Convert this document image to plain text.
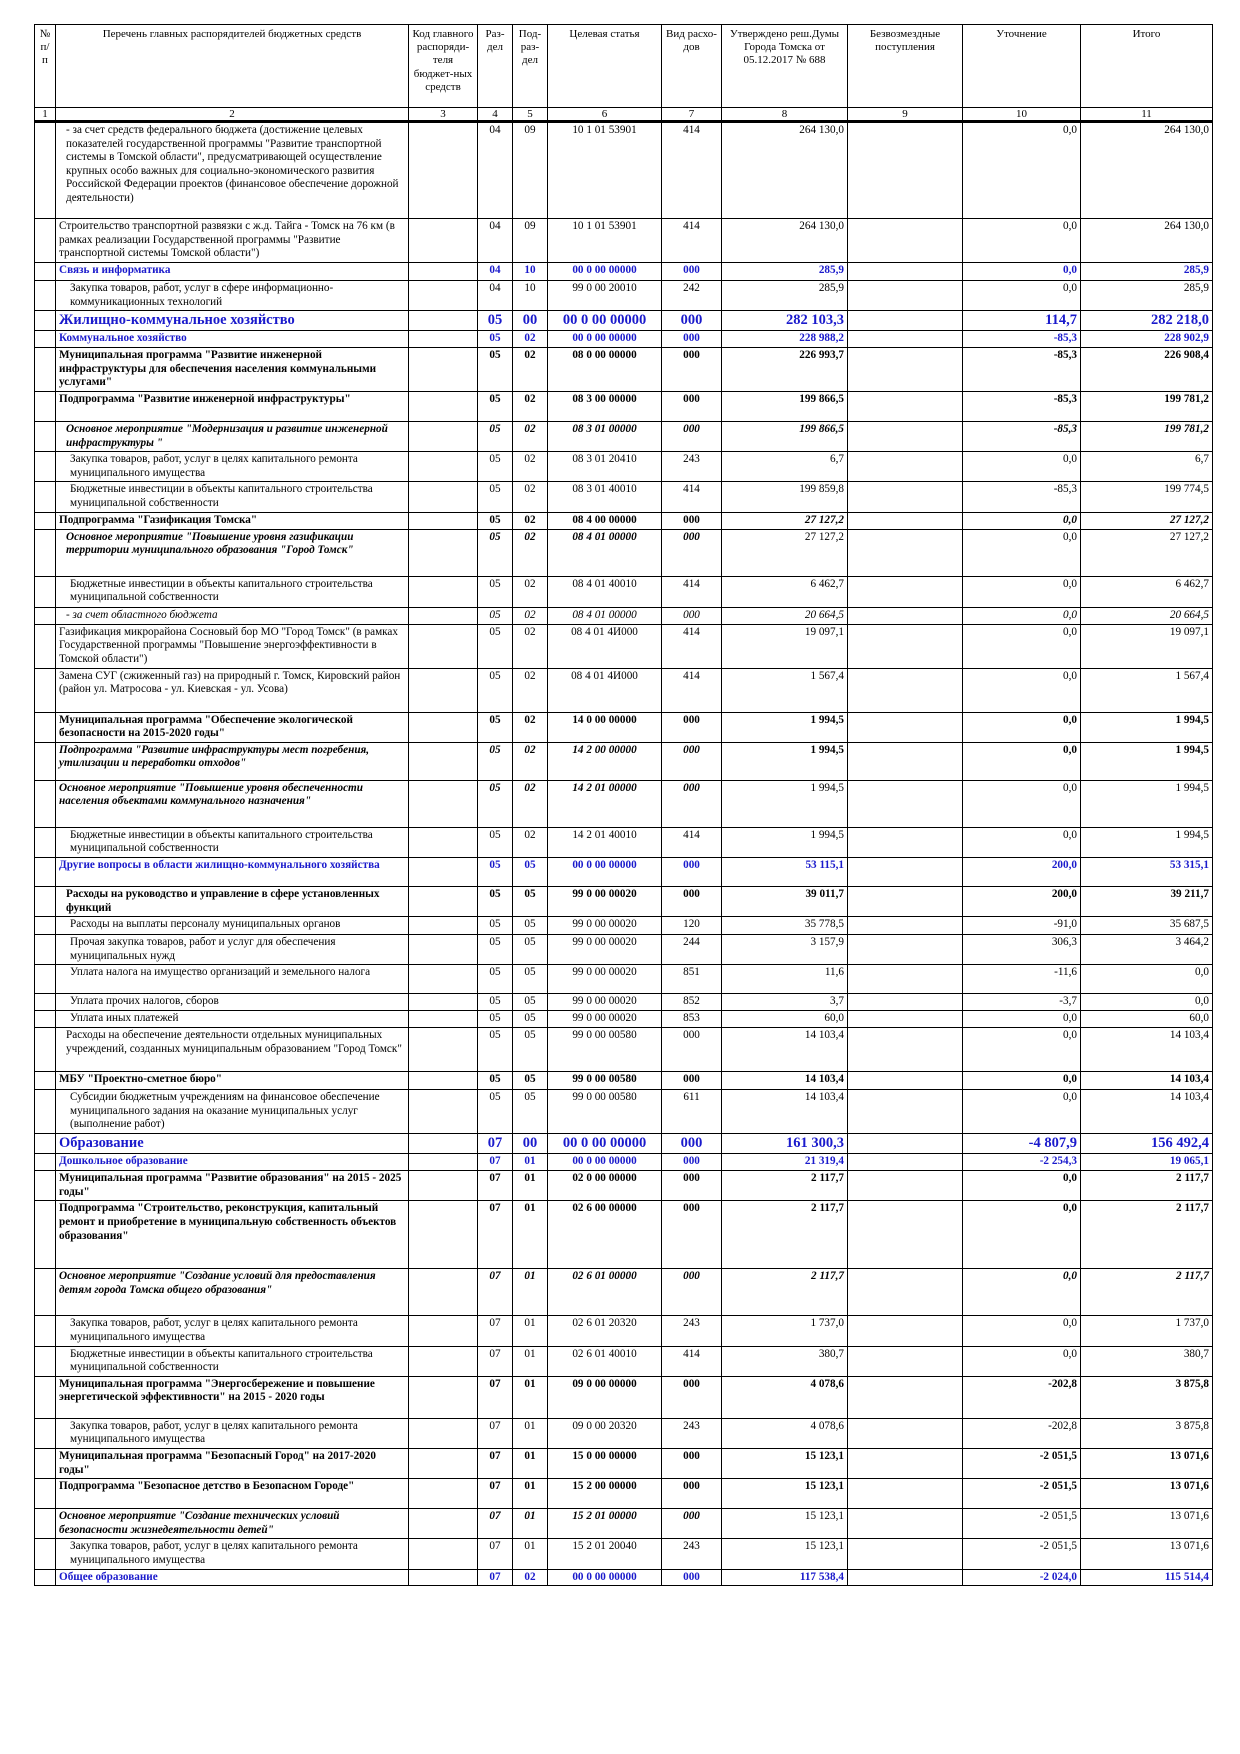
№ п/п	Перечень главных распорядителей бюджетных средств	Код главного распоряди-теля бюджет-ных средств	Раз-дел	Под-раз-дел	Целевая статья	Вид расхо-дов	Утверждено реш.Думы Города Томска от 05.12.2017 № 688	Безвозмездные поступления	Уточнение	Итого
1	2	3	4	5	6	7	8	9	10	11
	- за счет средств федерального бюджета (достижение целевых показателей государственной программы "Развитие транспортной системы в Томской области", предусматривающей осуществление крупных особо важных для социально-экономического развития Российской Федерации проектов (финансовое обеспечение дорожной деятельности)		04	09	10 1 01 53901	414	264 130,0		0,0	264 130,0
	Строительство транспортной развязки с ж.д. Тайга - Томск на 76 км (в рамках реализации Государственной программы "Развитие транспортной системы Томской области")		04	09	10 1 01 53901	414	264 130,0		0,0	264 130,0
	Связь и информатика		04	10	00 0 00 00000	000	285,9		0,0	285,9
	Закупка товаров, работ, услуг в сфере информационно-коммуникационных технологий		04	10	99 0 00 20010	242	285,9		0,0	285,9
	Жилищно-коммунальное хозяйство		05	00	00 0 00 00000	000	282 103,3		114,7	282 218,0
	Коммунальное хозяйство		05	02	00 0 00 00000	000	228 988,2		-85,3	228 902,9
	Муниципальная программа "Развитие инженерной инфраструктуры для обеспечения населения коммунальными услугами"		05	02	08 0 00 00000	000	226 993,7		-85,3	226 908,4
	Подпрограмма "Развитие инженерной инфраструктуры"		05	02	08 3 00 00000	000	199 866,5		-85,3	199 781,2
	Основное мероприятие "Модернизация и развитие инженерной инфраструктуры "		05	02	08 3 01 00000	000	199 866,5		-85,3	199 781,2
	Закупка товаров, работ, услуг в целях капитального ремонта муниципального имущества		05	02	08 3 01 20410	243	6,7		0,0	6,7
	Бюджетные инвестиции в объекты капитального строительства муниципальной собственности		05	02	08 3 01 40010	414	199 859,8		-85,3	199 774,5
	Подпрограмма "Газификация Томска"		05	02	08 4 00 00000	000	27 127,2		0,0	27 127,2
	Основное мероприятие "Повышение уровня газификации территории муниципального образования "Город Томск"		05	02	08 4 01 00000	000	27 127,2		0,0	27 127,2
	Бюджетные инвестиции в объекты капитального строительства муниципальной собственности		05	02	08 4 01 40010	414	6 462,7		0,0	6 462,7
	- за счет областного бюджета		05	02	08 4 01 00000	000	20 664,5		0,0	20 664,5
	Газификация микрорайона Сосновый бор МО "Город Томск" (в рамках Государственной программы "Повышение энергоэффективности в Томской области")		05	02	08 4 01 4И000	414	19 097,1		0,0	19 097,1
	Замена СУГ (сжиженный газ) на природный г. Томск, Кировский район (район ул. Матросова - ул. Киевская - ул. Усова)		05	02	08 4 01 4И000	414	1 567,4		0,0	1 567,4
	Муниципальная программа "Обеспечение экологической безопасности на 2015-2020 годы"		05	02	14 0 00 00000	000	1 994,5		0,0	1 994,5
	Подпрограмма "Развитие инфраструктуры мест погребения, утилизации и переработки отходов"		05	02	14 2 00 00000	000	1 994,5		0,0	1 994,5
	Основное мероприятие "Повышение уровня обеспеченности населения объектами коммунального назначения"		05	02	14 2 01 00000	000	1 994,5		0,0	1 994,5
	Бюджетные инвестиции в объекты капитального строительства муниципальной собственности		05	02	14 2 01 40010	414	1 994,5		0,0	1 994,5
	Другие вопросы в области жилищно-коммунального хозяйства		05	05	00 0 00 00000	000	53 115,1		200,0	53 315,1
	Расходы на руководство и управление в сфере установленных функций		05	05	99 0 00 00020	000	39 011,7		200,0	39 211,7
	Расходы на выплаты персоналу муниципальных органов		05	05	99 0 00 00020	120	35 778,5		-91,0	35 687,5
	Прочая закупка товаров, работ и услуг для обеспечения муниципальных нужд		05	05	99 0 00 00020	244	3 157,9		306,3	3 464,2
	Уплата налога на имущество организаций и земельного налога		05	05	99 0 00 00020	851	11,6		-11,6	0,0
	Уплата прочих налогов, сборов		05	05	99 0 00 00020	852	3,7		-3,7	0,0
	Уплата иных платежей		05	05	99 0 00 00020	853	60,0		0,0	60,0
	Расходы на обеспечение деятельности отдельных муниципальных учреждений, созданных муниципальным образованием "Город Томск"		05	05	99 0 00 00580	000	14 103,4		0,0	14 103,4
	МБУ "Проектно-сметное бюро"		05	05	99 0 00 00580	000	14 103,4		0,0	14 103,4
	Субсидии бюджетным учреждениям на финансовое обеспечение муниципального задания на оказание муниципальных услуг (выполнение работ)		05	05	99 0 00 00580	611	14 103,4		0,0	14 103,4
	Образование		07	00	00 0 00 00000	000	161 300,3		-4 807,9	156 492,4
	Дошкольное образование		07	01	00 0 00 00000	000	21 319,4		-2 254,3	19 065,1
	Муниципальная программа "Развитие образования" на 2015 - 2025 годы"		07	01	02 0 00 00000	000	2 117,7		0,0	2 117,7
	Подпрограмма "Строительство, реконструкция, капитальный ремонт и приобретение в муниципальную собственность объектов образования"		07	01	02 6 00 00000	000	2 117,7		0,0	2 117,7
	Основное мероприятие "Создание условий для предоставления детям города Томска общего образования"		07	01	02 6 01 00000	000	2 117,7		0,0	2 117,7
	Закупка товаров, работ, услуг в целях капитального ремонта муниципального имущества		07	01	02 6 01 20320	243	1 737,0		0,0	1 737,0
	Бюджетные инвестиции в объекты капитального строительства муниципальной собственности		07	01	02 6 01 40010	414	380,7		0,0	380,7
	Муниципальная программа "Энергосбережение и повышение энергетической эффективности" на 2015 - 2020 годы		07	01	09 0 00 00000	000	4 078,6		-202,8	3 875,8
	Закупка товаров, работ, услуг в целях капитального ремонта муниципального имущества		07	01	09 0 00 20320	243	4 078,6		-202,8	3 875,8
	Муниципальная программа "Безопасный Город" на 2017-2020 годы"		07	01	15 0 00 00000	000	15 123,1		-2 051,5	13 071,6
	Подпрограмма "Безопасное детство в Безопасном Городе"		07	01	15 2 00 00000	000	15 123,1		-2 051,5	13 071,6
	Основное мероприятие "Создание технических условий безопасности жизнедеятельности детей"		07	01	15 2 01 00000	000	15 123,1		-2 051,5	13 071,6
	Закупка товаров, работ, услуг в целях капитального ремонта муниципального имущества		07	01	15 2 01 20040	243	15 123,1		-2 051,5	13 071,6
	Общее образование		07	02	00 0 00 00000	000	117 538,4		-2 024,0	115 514,4
